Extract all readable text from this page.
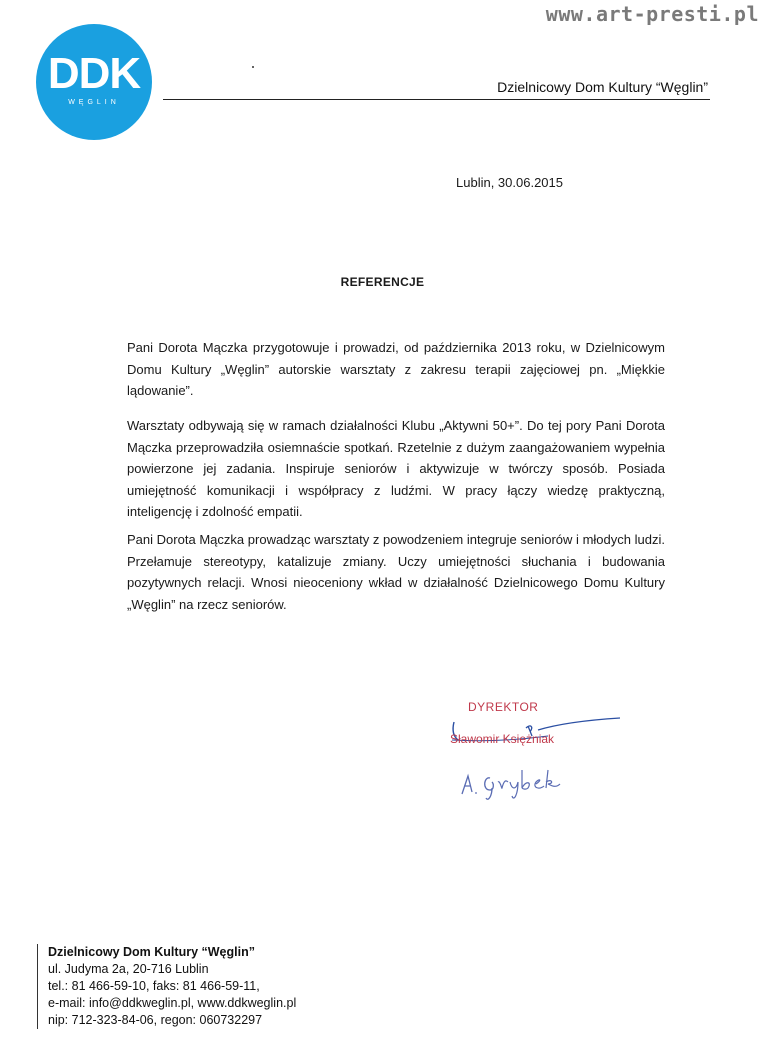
www.art-presti.pl
DDK
WĘGLIN
Dzielnicowy Dom Kultury “Węglin”
Lublin, 30.06.2015
REFERENCJE
Pani Dorota Mączka przygotowuje i prowadzi, od października 2013 roku, w Dzielnicowym Domu Kultury „Węglin” autorskie warsztaty z zakresu terapii zajęciowej pn. „Miękkie lądowanie”.
Warsztaty odbywają się w ramach działalności Klubu „Aktywni 50+”. Do tej pory Pani Dorota Mączka przeprowadziła osiemnaście spotkań. Rzetelnie z dużym zaangażowaniem wypełnia powierzone jej zadania. Inspiruje seniorów i aktywizuje w twórczy sposób. Posiada umiejętność komunikacji i współpracy z ludźmi. W pracy łączy wiedzę praktyczną, inteligencję i zdolność empatii.
Pani Dorota Mączka prowadząc warsztaty z powodzeniem integruje seniorów i młodych ludzi. Przełamuje stereotypy, katalizuje zmiany. Uczy umiejętności słuchania i budowania pozytywnych relacji. Wnosi nieoceniony wkład w działalność Dzielnicowego Domu Kultury „Węglin” na rzecz seniorów.
DYREKTOR
Sławomir Księżniak
Dzielnicowy Dom Kultury “Węglin”
ul. Judyma 2a, 20-716 Lublin
tel.: 81 466-59-10, faks: 81 466-59-11,
e-mail: info@ddkweglin.pl, www.ddkweglin.pl
nip: 712-323-84-06, regon: 060732297
